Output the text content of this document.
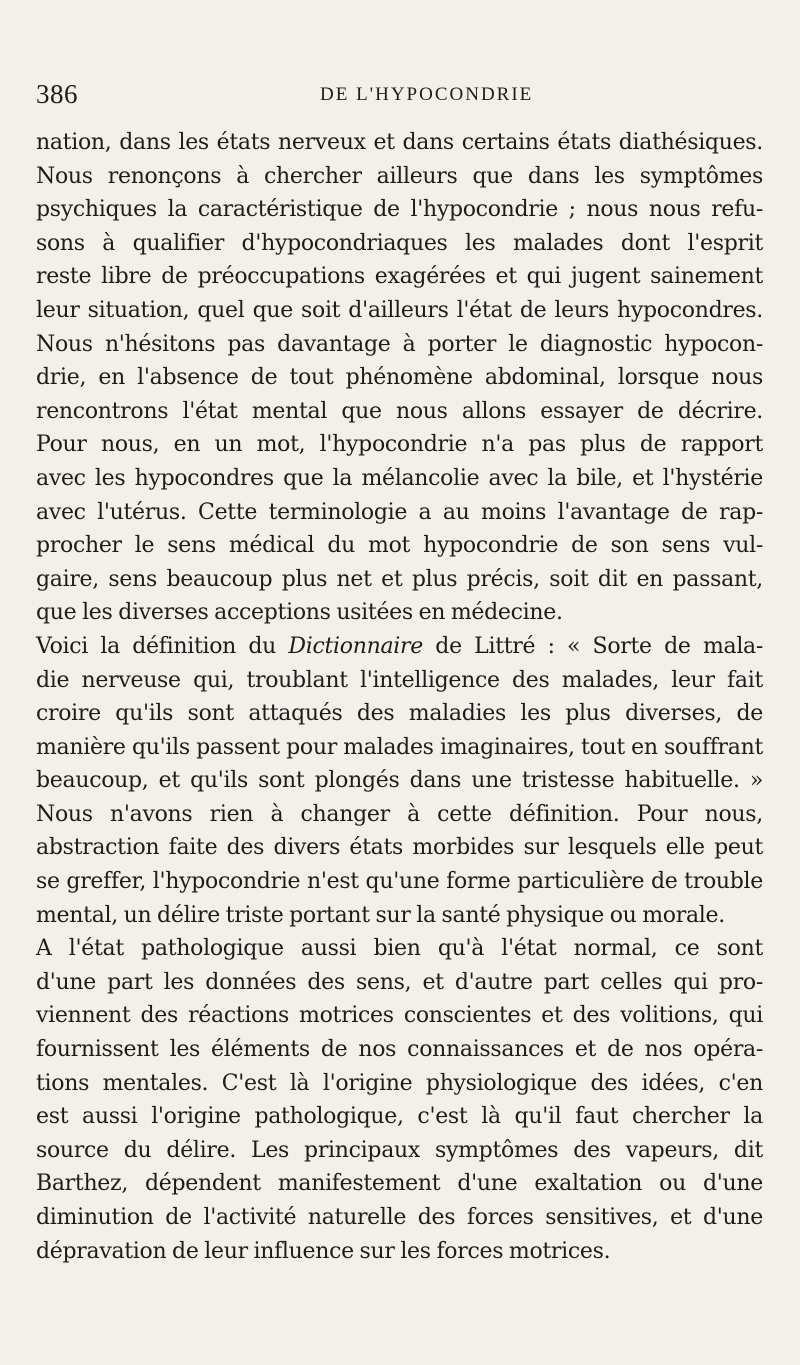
386	DE L'HYPOCONDRIE
nation, dans les états nerveux et dans certains états diathésiques.
Nous renonçons à chercher ailleurs que dans les symptômes
psychiques la caractéristique de l'hypocondrie ; nous nous refu-
sons à qualifier d'hypocondriaques les malades dont l'esprit
reste libre de préoccupations exagérées et qui jugent sainement
leur situation, quel que soit d'ailleurs l'état de leurs hypocondres.
Nous n'hésitons pas davantage à porter le diagnostic hypocon-
drie, en l'absence de tout phénomène abdominal, lorsque nous
rencontrons l'état mental que nous allons essayer de décrire.
Pour nous, en un mot, l'hypocondrie n'a pas plus de rapport
avec les hypocondres que la mélancolie avec la bile, et l'hystérie
avec l'utérus. Cette terminologie a au moins l'avantage de rap-
procher le sens médical du mot hypocondrie de son sens vul-
gaire, sens beaucoup plus net et plus précis, soit dit en passant,
que les diverses acceptions usitées en médecine.
Voici la définition du Dictionnaire de Littré : « Sorte de mala-
die nerveuse qui, troublant l'intelligence des malades, leur fait
croire qu'ils sont attaqués des maladies les plus diverses, de
manière qu'ils passent pour malades imaginaires, tout en souffrant
beaucoup, et qu'ils sont plongés dans une tristesse habituelle. »
Nous n'avons rien à changer à cette définition. Pour nous,
abstraction faite des divers états morbides sur lesquels elle peut
se greffer, l'hypocondrie n'est qu'une forme particulière de trouble
mental, un délire triste portant sur la santé physique ou morale.
A l'état pathologique aussi bien qu'à l'état normal, ce sont
d'une part les données des sens, et d'autre part celles qui pro-
viennent des réactions motrices conscientes et des volitions, qui
fournissent les éléments de nos connaissances et de nos opéra-
tions mentales. C'est là l'origine physiologique des idées, c'en
est aussi l'origine pathologique, c'est là qu'il faut chercher la
source du délire. Les principaux symptômes des vapeurs, dit
Barthez, dépendent manifestement d'une exaltation ou d'une
diminution de l'activité naturelle des forces sensitives, et d'une
dépravation de leur influence sur les forces motrices.
